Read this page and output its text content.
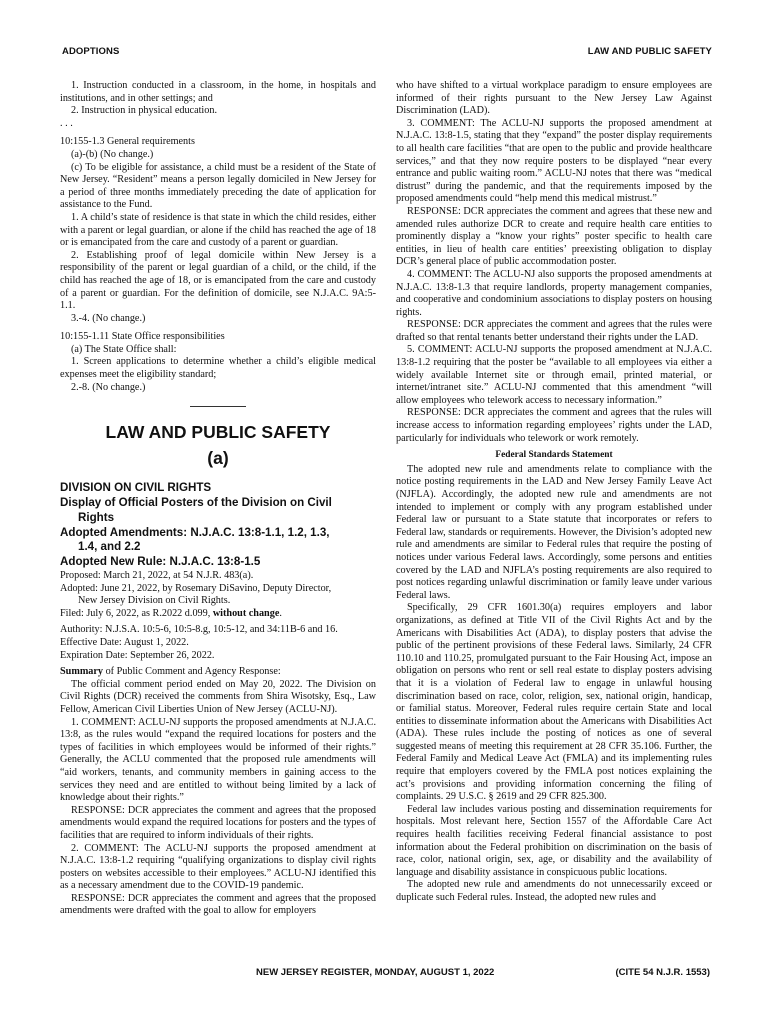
ADOPTIONS	LAW AND PUBLIC SAFETY

1. Instruction conducted in a classroom, in the home, in hospitals and institutions, and in other settings; and

2. Instruction in physical education.

. . .

10:155-1.3 General requirements

(a)-(b) (No change.)

(c) To be eligible for assistance, a child must be a resident of the State of New Jersey. “Resident” means a person legally domiciled in New Jersey for a period of three months immediately preceding the date of application for assistance to the Fund.

1. A child’s state of residence is that state in which the child resides, either with a parent or legal guardian, or alone if the child has reached the age of 18 or is emancipated from the care and custody of a parent or guardian.

2. Establishing proof of legal domicile within New Jersey is a responsibility of the parent or legal guardian of a child, or the child, if the child has reached the age of 18, or is emancipated from the care and custody of a parent or guardian. For the definition of domicile, see N.J.A.C. 9A:5-1.1.

3.-4. (No change.)

10:155-1.11 State Office responsibilities

(a) The State Office shall:

1. Screen applications to determine whether a child’s eligible medical expenses meet the eligibility standard;

2.-8. (No change.)

LAW AND PUBLIC SAFETY
(a)

DIVISION ON CIVIL RIGHTS

Display of Official Posters of the Division on Civil
Rights

Adopted Amendments: N.J.A.C. 13:8-1.1, 1.2, 1.3,
1.4, and 2.2

Adopted New Rule: N.J.A.C. 13:8-1.5

Proposed: March 21, 2022, at 54 N.J.R. 483(a).

Adopted: June 21, 2022, by Rosemary DiSavino, Deputy Director,
New Jersey Division on Civil Rights.

Filed: July 6, 2022, as R.2022 d.099, without change.

Authority: N.J.S.A. 10:5-6, 10:5-8.g, 10:5-12, and 34:11B-6 and 16.

Effective Date: August 1, 2022.

Expiration Date: September 26, 2022.

Summary of Public Comment and Agency Response:

The official comment period ended on May 20, 2022. The Division on Civil Rights (DCR) received the comments from Shira Wisotsky, Esq., Law Fellow, American Civil Liberties Union of New Jersey (ACLU-NJ).

1. COMMENT: ACLU-NJ supports the proposed amendments at N.J.A.C. 13:8, as the rules would “expand the required locations for posters and the types of facilities in which employees would be informed of their rights.” Generally, the ACLU commented that the proposed rule amendments will “aid workers, tenants, and community members in gaining access to the services they need and are entitled to without being limited by a lack of knowledge about their rights.”

RESPONSE: DCR appreciates the comment and agrees that the proposed amendments would expand the required locations for posters and the types of facilities that are required to inform individuals of their rights.

2. COMMENT: The ACLU-NJ supports the proposed amendment at N.J.A.C. 13:8-1.2 requiring “qualifying organizations to display civil rights posters on websites accessible to their employees.” ACLU-NJ identified this as a necessary amendment due to the COVID-19 pandemic.

RESPONSE: DCR appreciates the comment and agrees that the proposed amendments were drafted with the goal to allow for employers

who have shifted to a virtual workplace paradigm to ensure employees are informed of their rights pursuant to the New Jersey Law Against Discrimination (LAD).

3. COMMENT: The ACLU-NJ supports the proposed amendment at N.J.A.C. 13:8-1.5, stating that they “expand” the poster display requirements to all health care facilities “that are open to the public and provide healthcare services,” and that they now require posters to be displayed “near every entrance and public waiting room.” ACLU-NJ notes that there was “medical distrust” during the pandemic, and that the requirements imposed by the proposed amendments could “help mend this medical mistrust.”

RESPONSE: DCR appreciates the comment and agrees that these new and amended rules authorize DCR to create and require health care entities to prominently display a “know your rights” poster specific to health care entities, in lieu of health care entities’ preexisting obligation to display DCR’s general place of public accommodation poster.

4. COMMENT: The ACLU-NJ also supports the proposed amendments at N.J.A.C. 13:8-1.3 that require landlords, property management companies, and cooperative and condominium associations to display posters on housing rights.

RESPONSE: DCR appreciates the comment and agrees that the rules were drafted so that rental tenants better understand their rights under the LAD.

5. COMMENT: ACLU-NJ supports the proposed amendment at N.J.A.C. 13:8-1.2 requiring that the poster be “available to all employees via either a widely available Internet site or through email, printed material, or internet/intranet site.” ACLU-NJ commented that this amendment “will allow employees who telework access to necessary information.”

RESPONSE: DCR appreciates the comment and agrees that the rules will increase access to information regarding employees’ rights under the LAD, particularly for individuals who telework or work remotely.

Federal Standards Statement

The adopted new rule and amendments relate to compliance with the notice posting requirements in the LAD and New Jersey Family Leave Act (NJFLA). Accordingly, the adopted new rule and amendments are not intended to implement or comply with any program established under Federal law or pursuant to a State statute that incorporates or refers to Federal law, standards or requirements. However, the Division’s adopted new rule and amendments are similar to Federal rules that require the posting of notices under various Federal laws. Accordingly, some persons and entities covered by the LAD and NJFLA’s posting requirements are also required to post notices regarding unlawful discrimination or family leave under various Federal laws.

Specifically, 29 CFR 1601.30(a) requires employers and labor organizations, as defined at Title VII of the Civil Rights Act and by the Americans with Disabilities Act (ADA), to display posters that advise the public of the pertinent provisions of these Federal laws. Similarly, 24 CFR 110.10 and 110.25, promulgated pursuant to the Fair Housing Act, impose an obligation on persons who rent or sell real estate to display posters advising that it is a violation of Federal law to engage in unlawful housing discrimination based on race, color, religion, sex, national origin, handicap, or familial status. Moreover, Federal rules require certain State and local entities to disseminate information about the Americans with Disabilities Act (ADA). These rules include the posting of notices as one of several suggested means of meeting this requirement at 28 CFR 35.106. Further, the Federal Family and Medical Leave Act (FMLA) and its implementing rules require that employers covered by the FMLA post notices explaining the act’s provisions and providing information concerning the filing of complaints. 29 U.S.C. § 2619 and 29 CFR 825.300.

Federal law includes various posting and dissemination requirements for hospitals. Most relevant here, Section 1557 of the Affordable Care Act requires health facilities receiving Federal financial assistance to post information about the Federal prohibition on discrimination on the basis of race, color, national origin, sex, age, or disability and the availability of language and disability assistance in conspicuous public locations.

The adopted new rule and amendments do not unnecessarily exceed or duplicate such Federal rules. Instead, the adopted new rules and

NEW JERSEY REGISTER, MONDAY, AUGUST 1, 2022	(CITE 54 N.J.R. 1553)
